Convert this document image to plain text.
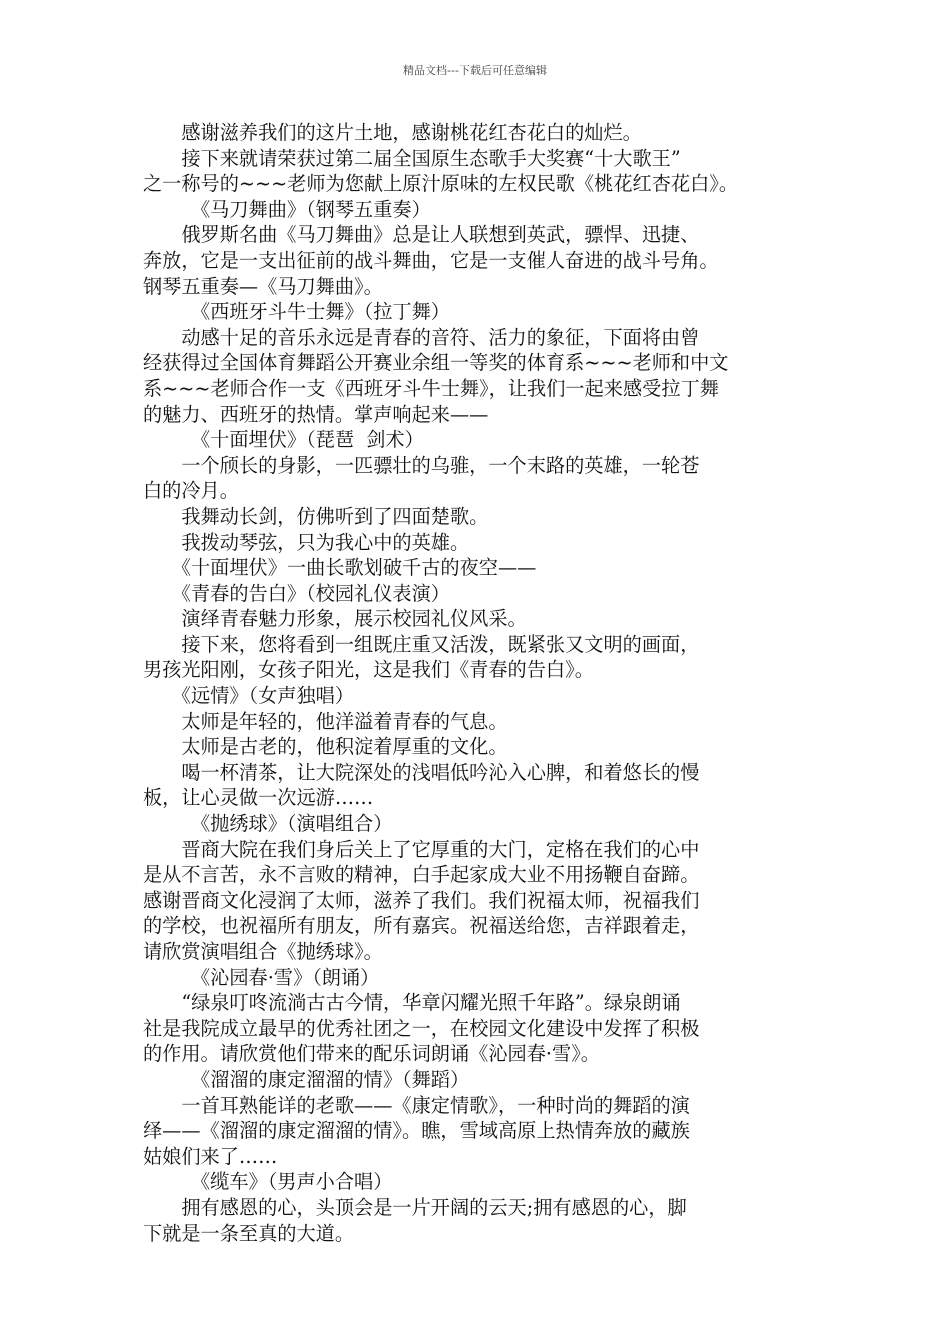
精品文档---下载后可任意编辑
　　感谢滋养我们的这片土地，感谢桃花红杏花白的灿烂。
　　接下来就请荣获过第二届全国原生态歌手大奖赛“十大歌王”
之一称号的~~~老师为您献上原汁原味的左权民歌《桃花红杏花白》。
　　　《马刀舞曲》（钢琴五重奏）
　　俄罗斯名曲《马刀舞曲》总是让人联想到英武，骠悍、迅捷、
奔放，它是一支出征前的战斗舞曲，它是一支催人奋进的战斗号角。
钢琴五重奏—《马刀舞曲》。
　　　《西班牙斗牛士舞》（拉丁舞）
　　动感十足的音乐永远是青春的音符、活力的象征，下面将由曾
经获得过全国体育舞蹈公开赛业余组一等奖的体育系~~~老师和中文
系~~~老师合作一支《西班牙斗牛士舞》，让我们一起来感受拉丁舞
的魅力、西班牙的热情。掌声响起来——
　　　《十面埋伏》（琵琶  剑术）
　　一个颀长的身影，一匹骠壮的乌骓，一个末路的英雄，一轮苍
白的冷月。
　　我舞动长剑，仿佛听到了四面楚歌。
　　我拨动琴弦，只为我心中的英雄。
　　《十面埋伏》一曲长歌划破千古的夜空——
　　《青春的告白》（校园礼仪表演）
　　演绎青春魅力形象，展示校园礼仪风采。
　　接下来，您将看到一组既庄重又活泼，既紧张又文明的画面，
男孩光阳刚，女孩子阳光，这是我们《青春的告白》。
　　《远情》（女声独唱）
　　太师是年轻的，他洋溢着青春的气息。
　　太师是古老的，他积淀着厚重的文化。
　　喝一杯清茶，让大院深处的浅唱低吟沁入心脾，和着悠长的慢
板，让心灵做一次远游……
　　　《抛绣球》（演唱组合）
　　晋商大院在我们身后关上了它厚重的大门，定格在我们的心中
是从不言苦，永不言败的精神，白手起家成大业不用扬鞭自奋蹄。
感谢晋商文化浸润了太师，滋养了我们。我们祝福太师，祝福我们
的学校，也祝福所有朋友，所有嘉宾。祝福送给您，吉祥跟着走，
请欣赏演唱组合《抛绣球》。
　　　《沁园春·雪》（朗诵）
　　“绿泉叮咚流淌古古今情，华章闪耀光照千年路”。绿泉朗诵
社是我院成立最早的优秀社团之一，在校园文化建设中发挥了积极
的作用。请欣赏他们带来的配乐词朗诵《沁园春·雪》。
　　　《溜溜的康定溜溜的情》（舞蹈）
　　一首耳熟能详的老歌——《康定情歌》，一种时尚的舞蹈的演
绎——《溜溜的康定溜溜的情》。瞧，雪域高原上热情奔放的藏族
姑娘们来了……
　　　《缆车》（男声小合唱）
　　拥有感恩的心，头顶会是一片开阔的云天;拥有感恩的心，脚
下就是一条至真的大道。
